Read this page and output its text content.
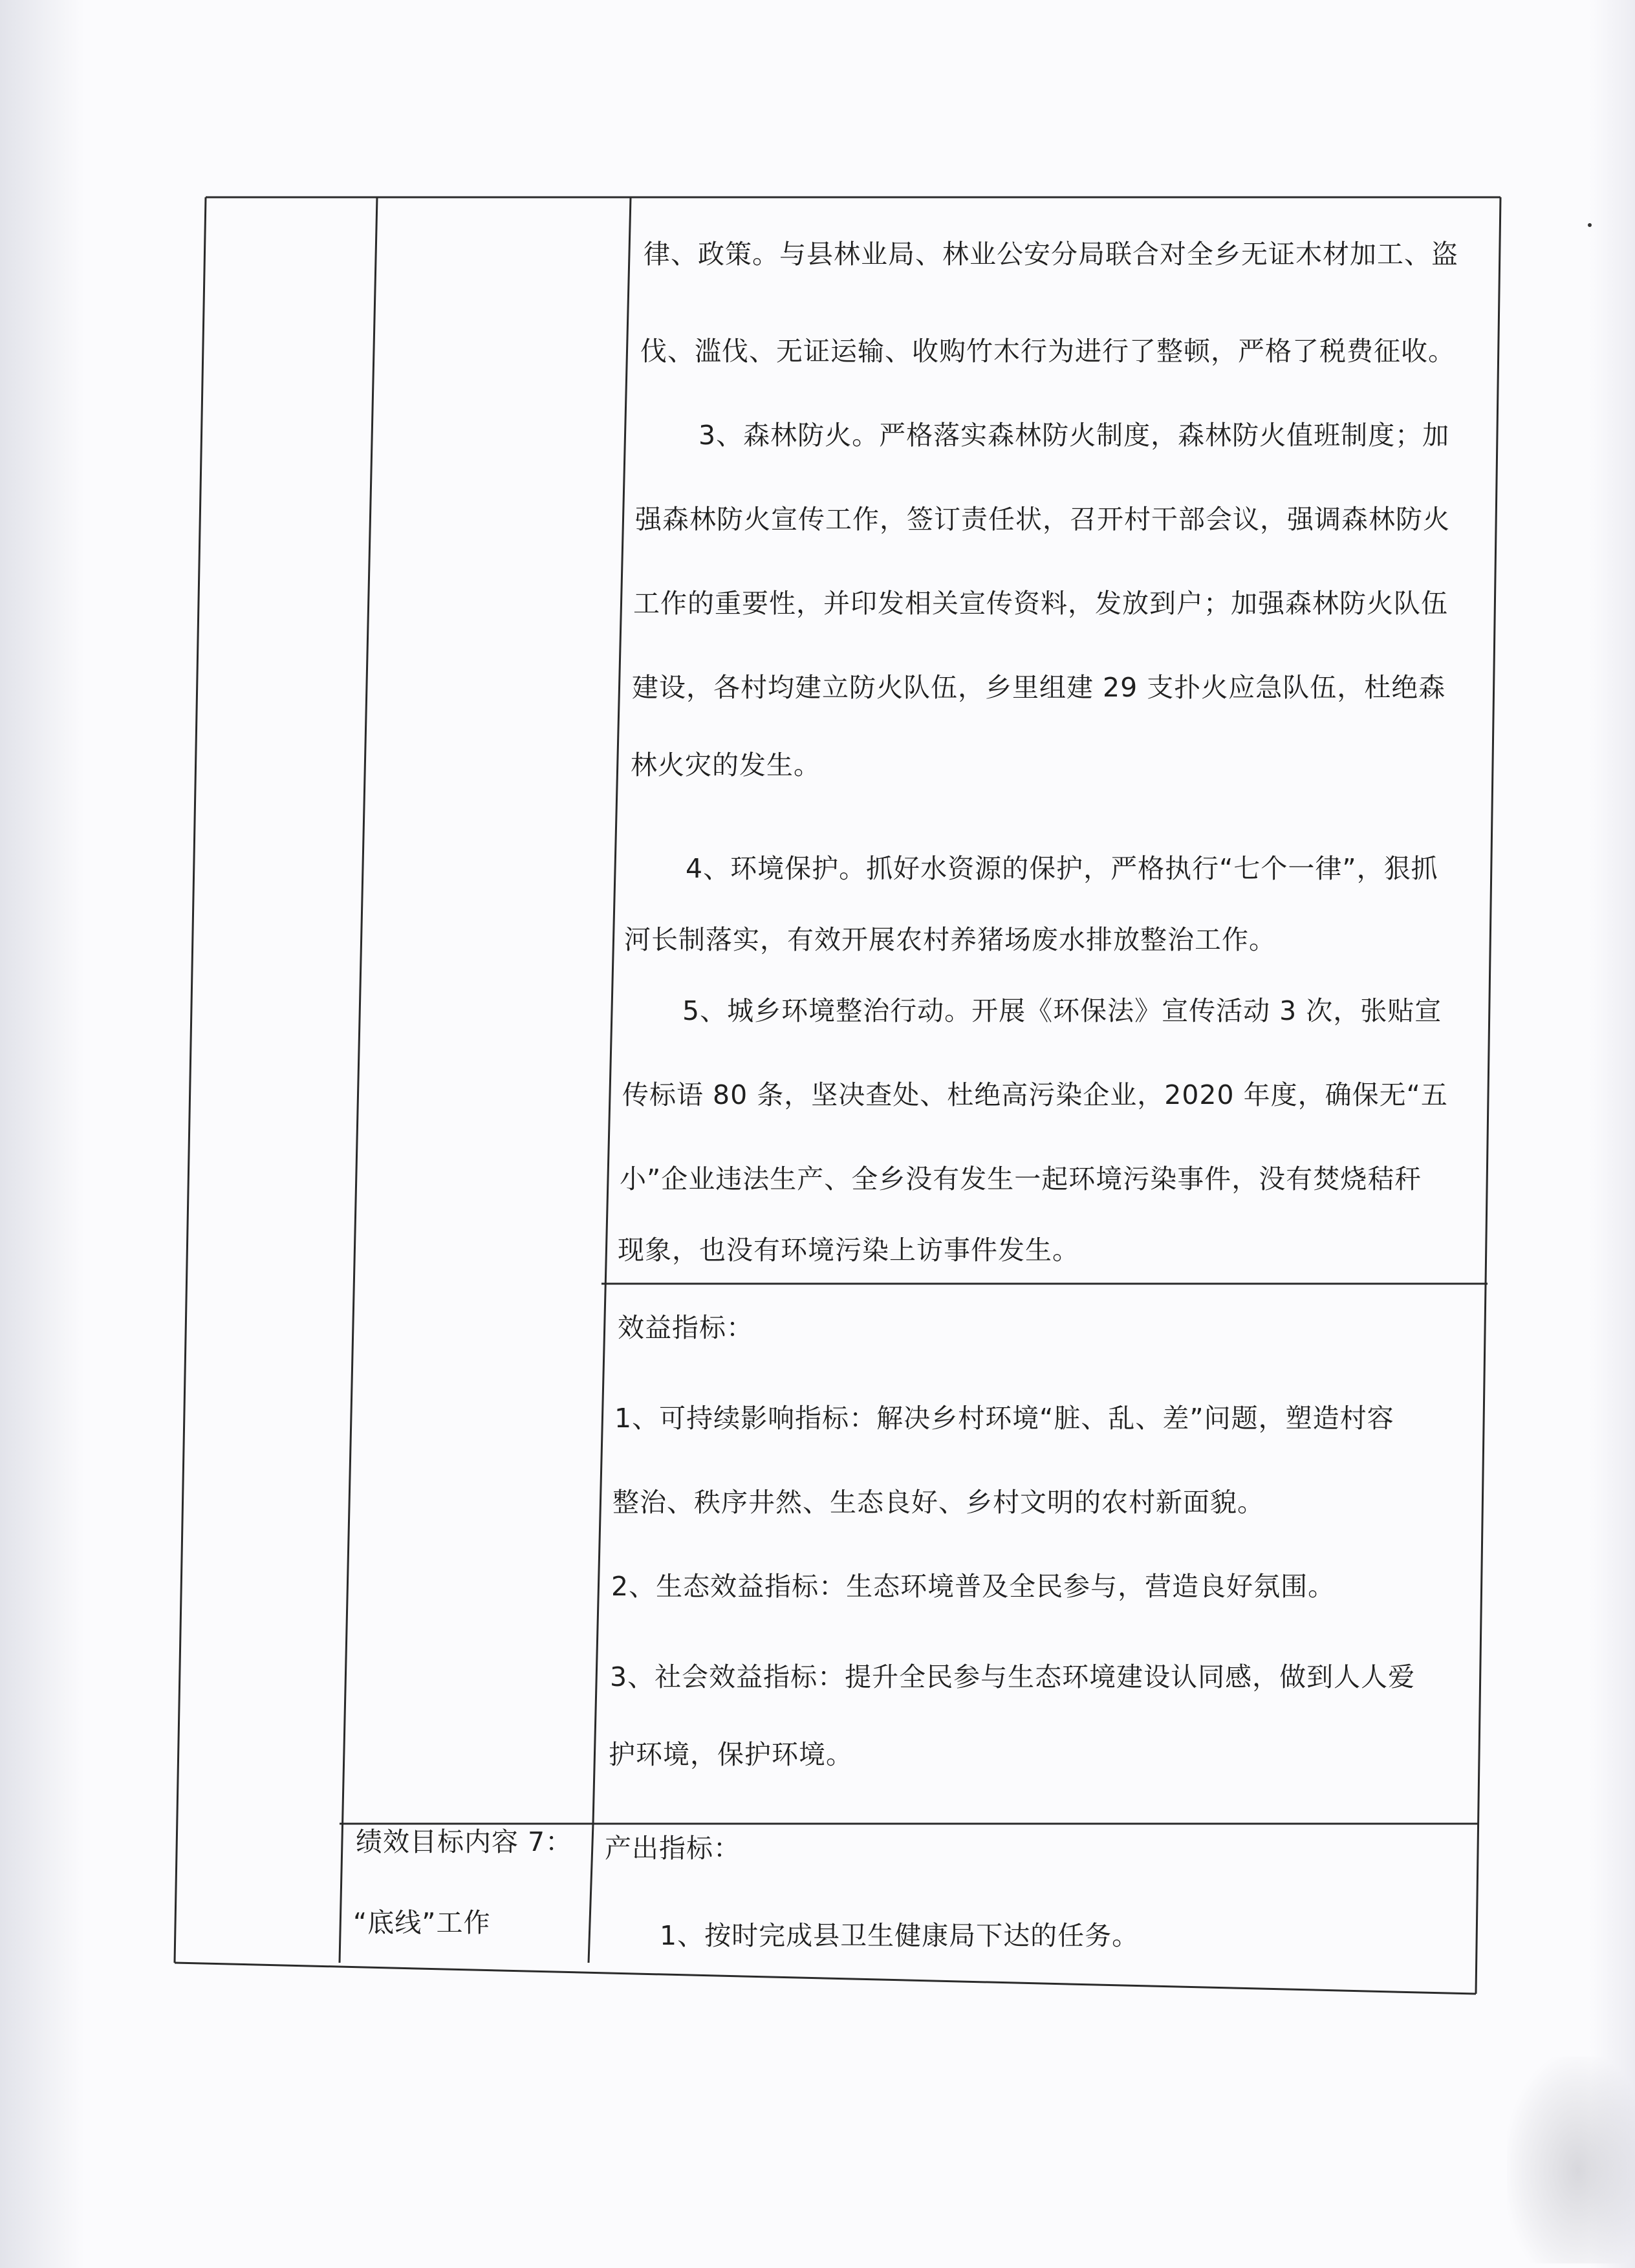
律、政策。与县林业局、林业公安分局联合对全乡无证木材加工、盗
伐、滥伐、无证运输、收购竹木行为进行了整顿，严格了税费征收。
3、森林防火。严格落实森林防火制度，森林防火值班制度；加
强森林防火宣传工作，签订责任状，召开村干部会议，强调森林防火
工作的重要性，并印发相关宣传资料，发放到户；加强森林防火队伍
建设，各村均建立防火队伍，乡里组建 29 支扑火应急队伍，杜绝森
林火灾的发生。
4、环境保护。抓好水资源的保护，严格执行“七个一律”，狠抓
河长制落实，有效开展农村养猪场废水排放整治工作。
5、城乡环境整治行动。开展《环保法》宣传活动 3 次，张贴宣
传标语 80 条，坚决查处、杜绝高污染企业，2020 年度，确保无“五
小”企业违法生产、全乡没有发生一起环境污染事件，没有焚烧秸秆
现象，也没有环境污染上访事件发生。
效益指标：
1、可持续影响指标：解决乡村环境“脏、乱、差”问题，塑造村容
整治、秩序井然、生态良好、乡村文明的农村新面貌。
2、生态效益指标：生态环境普及全民参与，营造良好氛围。
3、社会效益指标：提升全民参与生态环境建设认同感，做到人人爱
护环境，保护环境。
绩效目标内容 7：
“底线”工作
产出指标：
1、按时完成县卫生健康局下达的任务。
